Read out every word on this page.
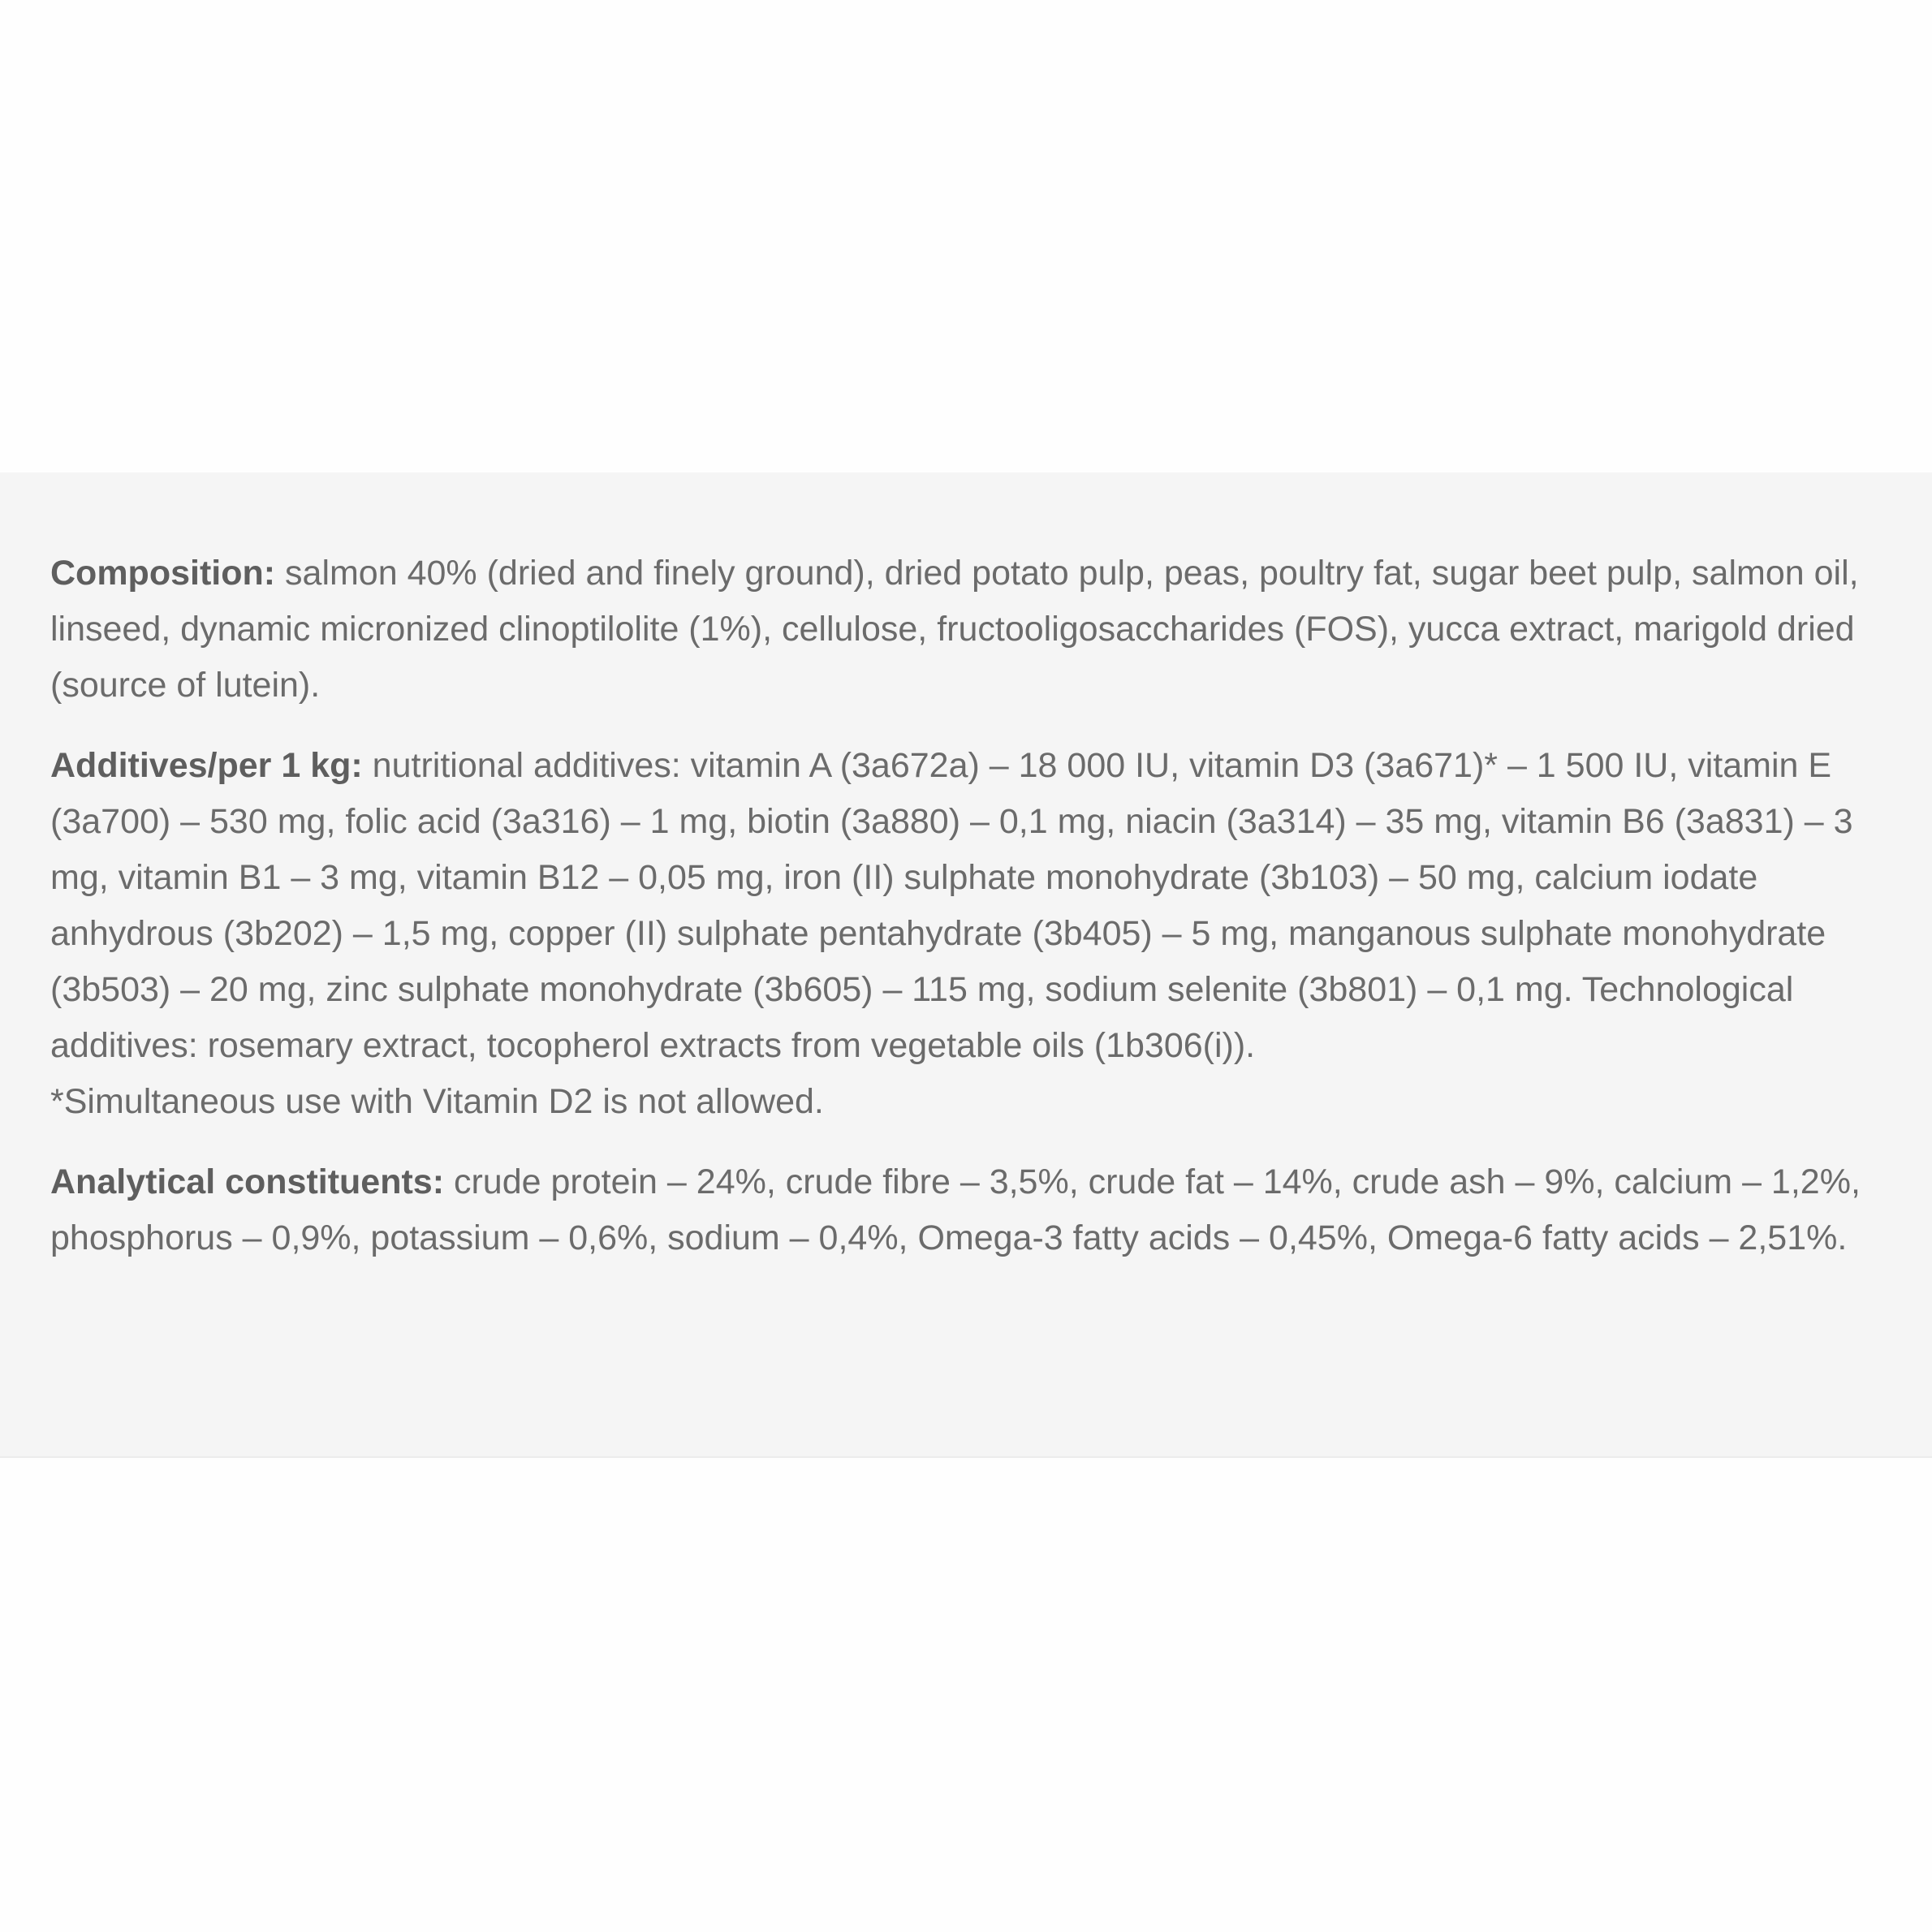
Composition: salmon 40% (dried and finely ground), dried potato pulp, peas, poultry fat, sugar beet pulp, salmon oil, linseed, dynamic micronized clinoptilolite (1%), cellulose, fructooligosaccharides (FOS), yucca extract, marigold dried (source of lutein).

Additives/per 1 kg: nutritional additives: vitamin A (3a672a) – 18 000 IU, vitamin D3 (3a671)* – 1 500 IU, vitamin E (3a700) – 530 mg, folic acid (3a316) – 1 mg, biotin (3a880) – 0,1 mg, niacin (3a314) – 35 mg, vitamin B6 (3a831) – 3 mg, vitamin B1 – 3 mg, vitamin B12 – 0,05 mg, iron (II) sulphate monohydrate (3b103) – 50 mg, calcium iodate anhydrous (3b202) – 1,5 mg, copper (II) sulphate pentahydrate (3b405) – 5 mg, manganous sulphate monohydrate (3b503) – 20 mg, zinc sulphate monohydrate (3b605) – 115 mg, sodium selenite (3b801) – 0,1 mg. Technological additives: rosemary extract, tocopherol extracts from vegetable oils (1b306(i)).

*Simultaneous use with Vitamin D2 is not allowed.

Analytical constituents: crude protein – 24%, crude fibre – 3,5%, crude fat – 14%, crude ash – 9%, calcium – 1,2%, phosphorus – 0,9%, potassium – 0,6%, sodium – 0,4%, Omega-3 fatty acids – 0,45%, Omega-6 fatty acids – 2,51%.
